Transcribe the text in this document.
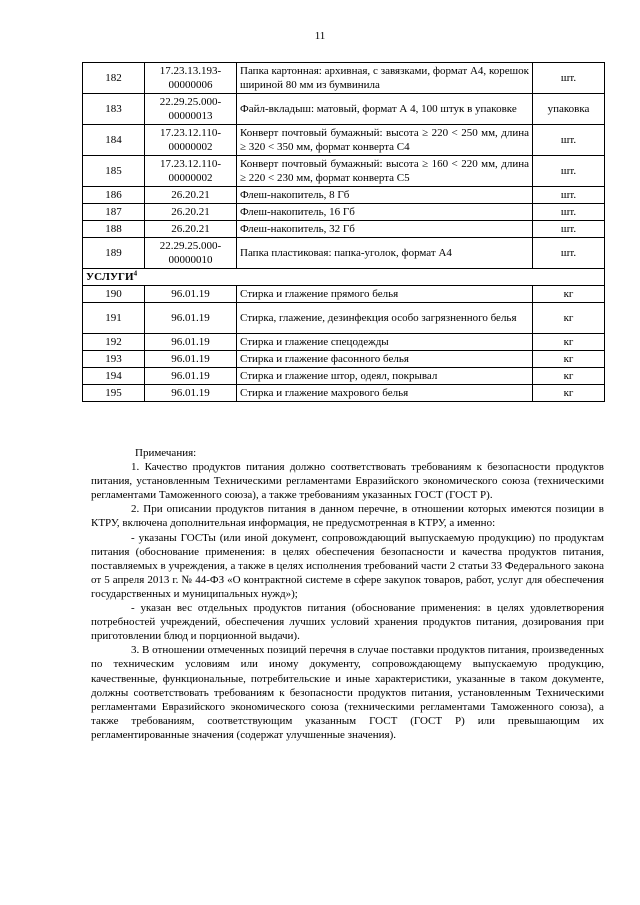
11
182	17.23.13.193-00000006	Папка картонная: архивная, с завязками, формат А4, корешок шириной 80 мм из бумвинила	шт.
183	22.29.25.000-00000013	Файл-вкладыш: матовый, формат А 4, 100 штук в упаковке	упаковка
184	17.23.12.110-00000002	Конверт почтовый бумажный: высота ≥ 220 < 250 мм, длина ≥ 320 < 350 мм, формат конверта С4	шт.
185	17.23.12.110-00000002	Конверт почтовый бумажный: высота ≥ 160 < 220 мм, длина ≥ 220 < 230 мм, формат конверта С5	шт.
186	26.20.21	Флеш-накопитель, 8 Гб	шт.
187	26.20.21	Флеш-накопитель, 16 Гб	шт.
188	26.20.21	Флеш-накопитель, 32 Гб	шт.
189	22.29.25.000-00000010	Папка пластиковая: папка-уголок, формат А4	шт.
УСЛУГИ$^4$
190	96.01.19	Стирка и глажение прямого белья	кг
191	96.01.19	Стирка, глажение, дезинфекция особо загрязненного белья	кг
192	96.01.19	Стирка и глажение спецодежды	кг
193	96.01.19	Стирка и глажение фасонного белья	кг
194	96.01.19	Стирка и глажение штор, одеял, покрывал	кг
195	96.01.19	Стирка и глажение махрового белья	кг

Примечания:

1. Качество продуктов питания должно соответствовать требованиям к безопасности продуктов питания, установленным Техническими регламентами Евразийского экономического союза (техническими регламентами Таможенного союза), а также требованиям указанных ГОСТ (ГОСТ Р).

2. При описании продуктов питания в данном перечне, в отношении которых имеются позиции в КТРУ, включена дополнительная информация, не предусмотренная в КТРУ, а именно:

- указаны ГОСТы (или иной документ, сопровождающий выпускаемую продукцию) по продуктам питания (обоснование применения: в целях обеспечения безопасности и качества продуктов питания, поставляемых в учреждения, а также в целях исполнения требований части 2 статьи 33 Федерального закона от 5 апреля 2013 г. № 44-ФЗ «О контрактной системе в сфере закупок товаров, работ, услуг для обеспечения государственных и муниципальных нужд»);

- указан вес отдельных продуктов питания (обоснование применения: в целях удовлетворения потребностей учреждений, обеспечения лучших условий хранения продуктов питания, дозирования при приготовлении блюд и порционной выдачи).

3. В отношении отмеченных позиций перечня в случае поставки продуктов питания, произведенных по техническим условиям или иному документу, сопровождающему выпускаемую продукцию, качественные, функциональные, потребительские и иные характеристики, указанные в таком документе, должны соответствовать требованиям к безопасности продуктов питания, установленным Техническими регламентами Евразийского экономического союза (техническими регламентами Таможенного союза), а также требованиям, соответствующим указанным ГОСТ (ГОСТ Р) или превышающим их регламентированные значения (содержат улучшенные значения).
